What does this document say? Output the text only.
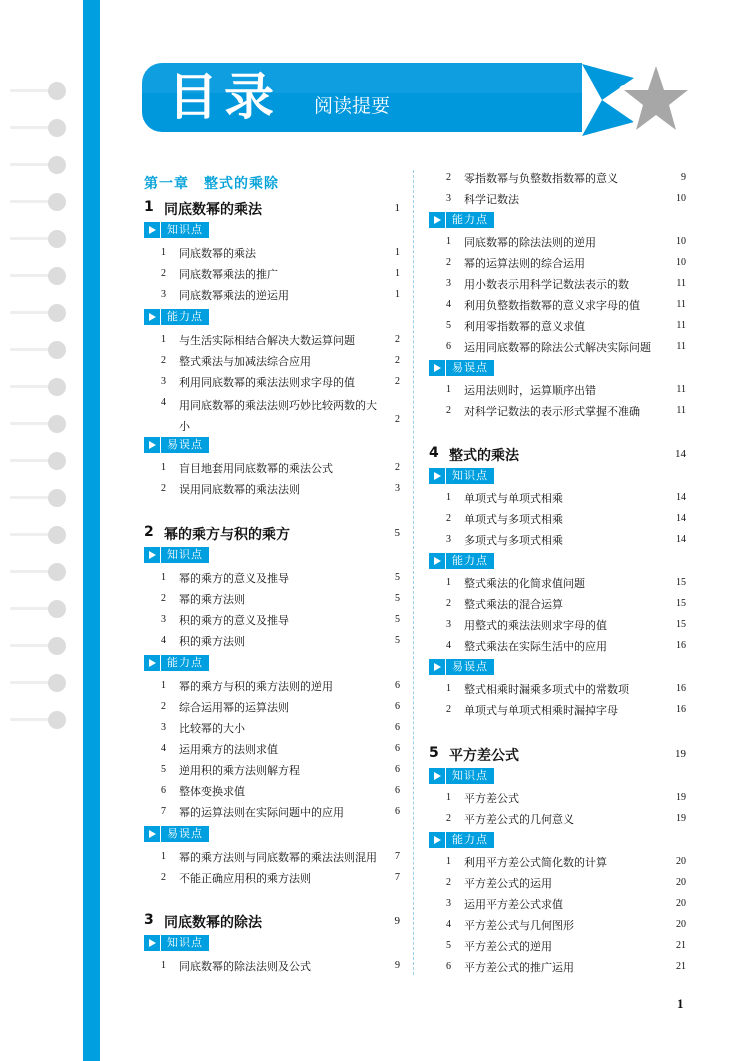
目录 阅读提要
第一章　整式的乘除
1 同底数幂的乘法	1
知识点
1 同底数幂的乘法	1
2 同底数幂乘法的推广	1
3 同底数幂乘法的逆运用	1
能力点
1 与生活实际相结合解决大数运算问题	2
2 整式乘法与加减法综合应用	2
3 利用同底数幂的乘法法则求字母的值	2
4 用同底数幂的乘法法则巧妙比较两数的大小
2
易误点
1 盲目地套用同底数幂的乘法公式	2
2 误用同底数幂的乘法法则	3
2 幂的乘方与积的乘方	5
知识点
1 幂的乘方的意义及推导	5
2 幂的乘方法则	5
3 积的乘方的意义及推导	5
4 积的乘方法则	5
能力点
1 幂的乘方与积的乘方法则的逆用	6
2 综合运用幂的运算法则	6
3 比较幂的大小	6
4 运用乘方的法则求值	6
5 逆用积的乘方法则解方程	6
6 整体变换求值	6
7 幂的运算法则在实际问题中的应用	6
易误点
1 幂的乘方法则与同底数幂的乘法法则混用 7
2 不能正确应用积的乘方法则	7
3 同底数幂的除法	9
知识点
1 同底数幂的除法法则及公式	9
2 零指数幂与负整数指数幂的意义	9
3 科学记数法	10
能力点
1 同底数幂的除法法则的逆用	10
2 幂的运算法则的综合运用	10
3 用小数表示用科学记数法表示的数	11
4 利用负整数指数幂的意义求字母的值	11
5 利用零指数幂的意义求值	11
6 运用同底数幂的除法公式解决实际问题	11
易误点
1 运用法则时，运算顺序出错	11
2 对科学记数法的表示形式掌握不准确	11
4 整式的乘法	14
知识点
1 单项式与单项式相乘	14
2 单项式与多项式相乘	14
3 多项式与多项式相乘	14
能力点
1 整式乘法的化简求值问题	15
2 整式乘法的混合运算	15
3 用整式的乘法法则求字母的值	15
4 整式乘法在实际生活中的应用	16
易误点
1 整式相乘时漏乘多项式中的常数项	16
2 单项式与单项式相乘时漏掉字母	16
5 平方差公式	19
知识点
1 平方差公式	19
2 平方差公式的几何意义	19
能力点
1 利用平方差公式简化数的计算	20
2 平方差公式的运用	20
3 运用平方差公式求值	20
4 平方差公式与几何图形	20
5 平方差公式的逆用	21
6 平方差公式的推广运用	21
1
